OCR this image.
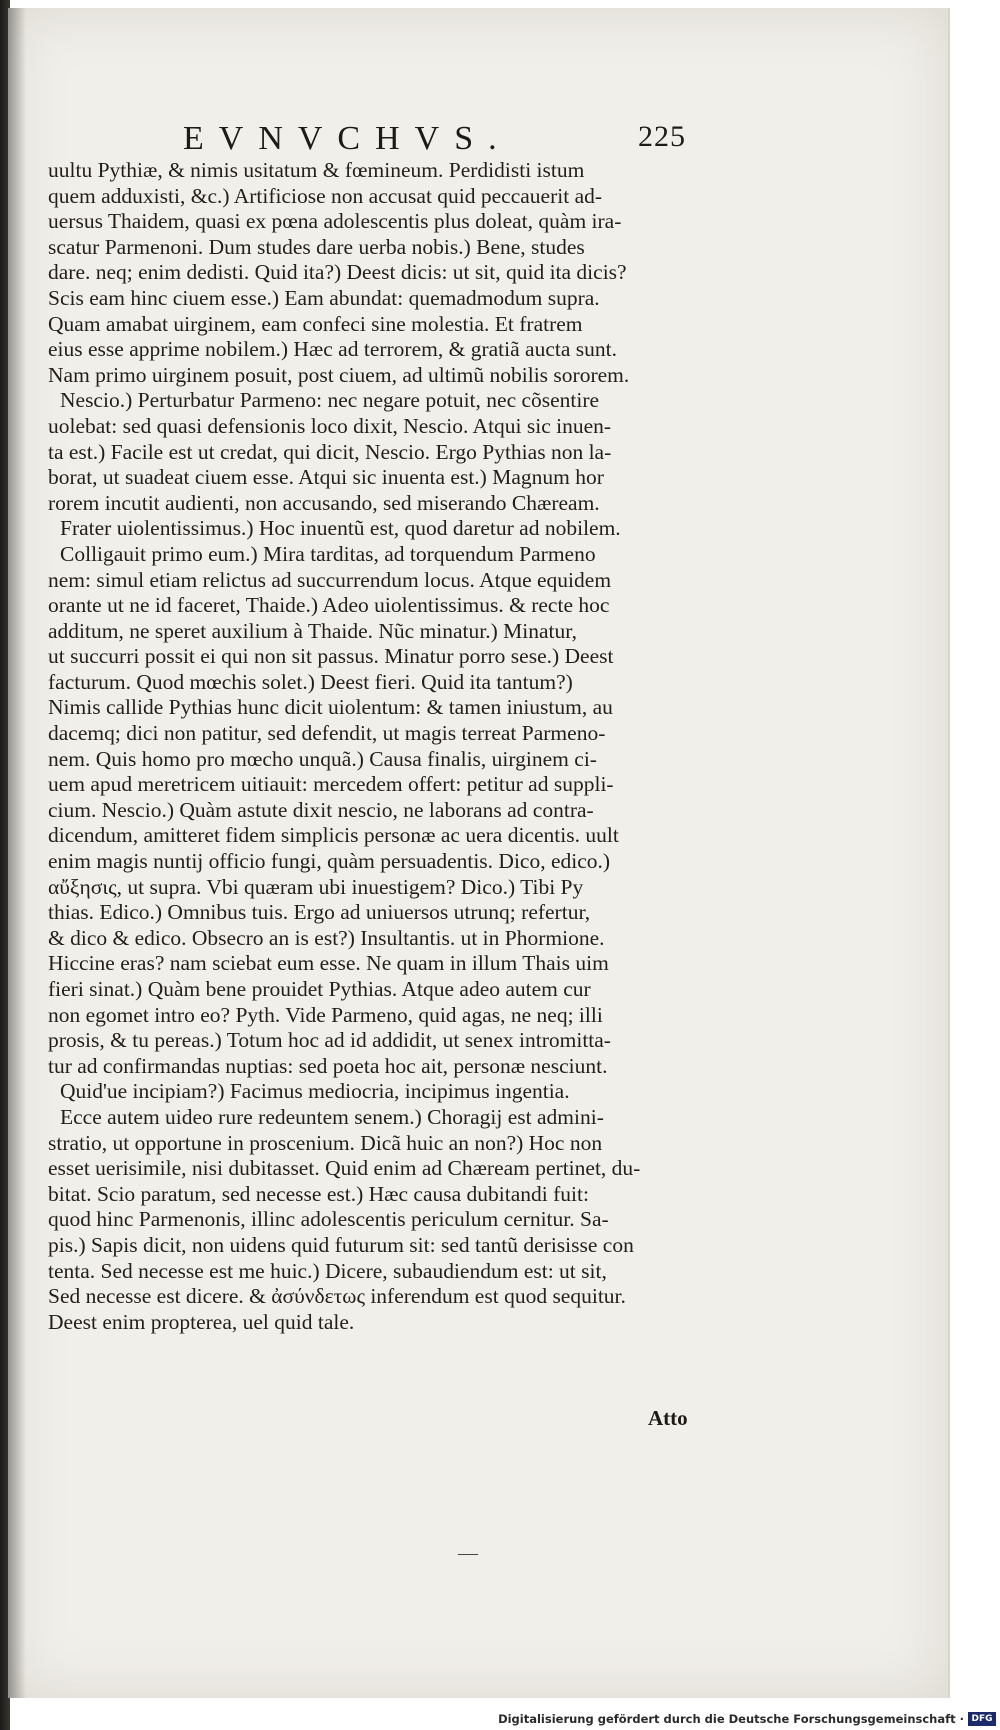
EVNVCHVS.	225
uultu Pythiæ, & nimis usitatum & fœmineum. Perdidisti istum
quem adduxisti, &c.) Artificiose non accusat quid peccauerit ad-
uersus Thaidem, quasi ex pœna adolescentis plus doleat, quàm ira-
scatur Parmenoni. Dum studes dare uerba nobis.) Bene, studes
dare. neq; enim dedisti. Quid ita?) Deest dicis: ut sit, quid ita dicis?
Scis eam hinc ciuem esse.) Eam abundat: quemadmodum supra.
Quam amabat uirginem, eam confeci sine molestia. Et fratrem
eius esse apprime nobilem.) Hæc ad terrorem, & gratiã aucta sunt.
Nam primo uirginem posuit, post ciuem, ad ultimũ nobilis sororem.
Nescio.) Perturbatur Parmeno: nec negare potuit, nec cõsentire
uolebat: sed quasi defensionis loco dixit, Nescio. Atqui sic inuen-
ta est.) Facile est ut credat, qui dicit, Nescio. Ergo Pythias non la-
borat, ut suadeat ciuem esse. Atqui sic inuenta est.) Magnum hor
rorem incutit audienti, non accusando, sed miserando Chæream.
Frater uiolentissimus.) Hoc inuentũ est, quod daretur ad nobilem.
Colligauit primo eum.) Mira tarditas, ad torquendum Parmeno
nem: simul etiam relictus ad succurrendum locus. Atque equidem
orante ut ne id faceret, Thaide.) Adeo uiolentissimus. & recte hoc
additum, ne speret auxilium à Thaide. Nũc minatur.) Minatur,
ut succurri possit ei qui non sit passus. Minatur porro sese.) Deest
facturum. Quod mœchis solet.) Deest fieri. Quid ita tantum?)
Nimis callide Pythias hunc dicit uiolentum: & tamen iniustum, au
dacemq; dici non patitur, sed defendit, ut magis terreat Parmeno-
nem. Quis homo pro mœcho unquã.) Causa finalis, uirginem ci-
uem apud meretricem uitiauit: mercedem offert: petitur ad suppli-
cium. Nescio.) Quàm astute dixit nescio, ne laborans ad contra-
dicendum, amitteret fidem simplicis personæ ac uera dicentis. uult
enim magis nuntij officio fungi, quàm persuadentis. Dico, edico.)
αὔξησις, ut supra. Vbi quæram ubi inuestigem? Dico.) Tibi Py
thias. Edico.) Omnibus tuis. Ergo ad uniuersos utrunq; refertur,
& dico & edico. Obsecro an is est?) Insultantis. ut in Phormione.
Hiccine eras? nam sciebat eum esse. Ne quam in illum Thais uim
fieri sinat.) Quàm bene prouidet Pythias. Atque adeo autem cur
non egomet intro eo? Pyth. Vide Parmeno, quid agas, ne neq; illi
prosis, & tu pereas.) Totum hoc ad id addidit, ut senex intromitta-
tur ad confirmandas nuptias: sed poeta hoc ait, personæ nesciunt.
Quid'ue incipiam?) Facimus mediocria, incipimus ingentia.
Ecce autem uideo rure redeuntem senem.) Choragij est admini-
stratio, ut opportune in proscenium. Dicã huic an non?) Hoc non
esset uerisimile, nisi dubitasset. Quid enim ad Chæream pertinet, du-
bitat. Scio paratum, sed necesse est.) Hæc causa dubitandi fuit:
quod hinc Parmenonis, illinc adolescentis periculum cernitur. Sa-
pis.) Sapis dicit, non uidens quid futurum sit: sed tantũ derisisse con
tenta. Sed necesse est me huic.) Dicere, subaudiendum est: ut sit,
Sed necesse est dicere. & ἀσύνδετως inferendum est quod sequitur.
Deest enim propterea, uel quid tale.
Atto
—
Digitalisierung gefördert durch die Deutsche Forschungsgemeinschaft · DFG
